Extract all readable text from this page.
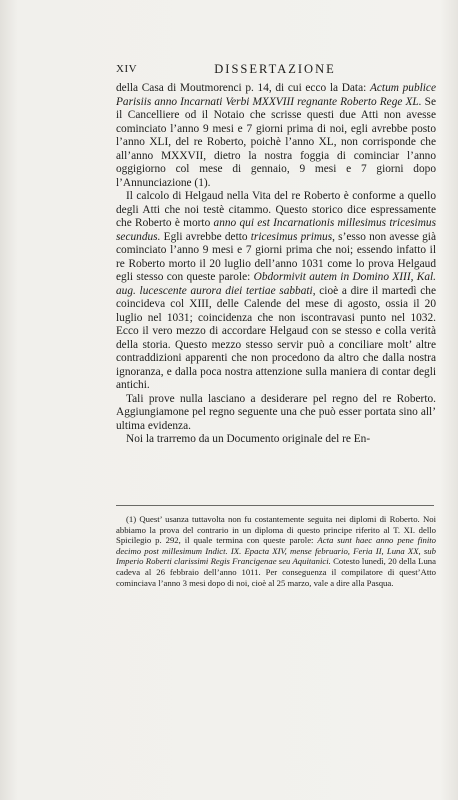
XIV	DISSERTAZIONE

della Casa di Moutmorenci p. 14, di cui ecco la Data: Actum publice Parisiis anno Incarnati Verbi MXXVIII regnante Roberto Rege XL. Se il Cancelliere od il Notaio che scrisse questi due Atti non avesse cominciato l’anno 9 mesi e 7 giorni prima di noi, egli avrebbe posto l’anno XLI, del re Roberto, poichè l’anno XL, non corrisponde che all’anno MXXVII, dietro la nostra foggia di cominciar l’anno oggigiorno col mese di gennaio, 9 mesi e 7 giorni dopo l’Annunciazione (1).

Il calcolo di Helgaud nella Vita del re Roberto è conforme a quello degli Atti che noi testè citammo. Questo storico dice espressamente che Roberto è morto anno qui est Incarnationis millesimus tricesimus secundus. Egli avrebbe detto tricesimus primus, s’esso non avesse già cominciato l’anno 9 mesi e 7 giorni prima che noi; essendo infatto il re Roberto morto il 20 luglio dell’anno 1031 come lo prova Helgaud egli stesso con queste parole: Obdormivit autem in Domino XIII, Kal. aug. lucescente aurora diei tertiae sabbati, cioè a dire il martedì che coincideva col XIII, delle Calende del mese di agosto, ossia il 20 luglio nel 1031; coincidenza che non iscontravasi punto nel 1032. Ecco il vero mezzo di accordare Helgaud con se stesso e colla verità della storia. Questo mezzo stesso servir può a conciliare molt’ altre contraddizioni apparenti che non procedono da altro che dalla nostra ignoranza, e dalla poca nostra attenzione sulla maniera di contar degli antichi.

Tali prove nulla lasciano a desiderare pel regno del re Roberto. Aggiungiamone pel regno seguente una che può esser portata sino all’ ultima evidenza.

Noi la trarremo da un Documento originale del re En-

(1) Quest’ usanza tuttavolta non fu costantemente seguita nei diplomi di Roberto. Noi abbiamo la prova del contrario in un diploma di questo principe riferito al T. XI. dello Spicilegio p. 292, il quale termina con queste parole: Acta sunt haec anno pene finito decimo post millesimum Indict. IX. Epacta XIV, mense februario, Feria II, Luna XX, sub Imperio Roberti clarissimi Regis Francigenae seu Aquitanici. Cotesto lunedì, 20 della Luna cadeva al 26 febbraio dell’anno 1011. Per conseguenza il compilatore di quest’Atto cominciava l’anno 3 mesi dopo di noi, cioè al 25 marzo, vale a dire alla Pasqua.
